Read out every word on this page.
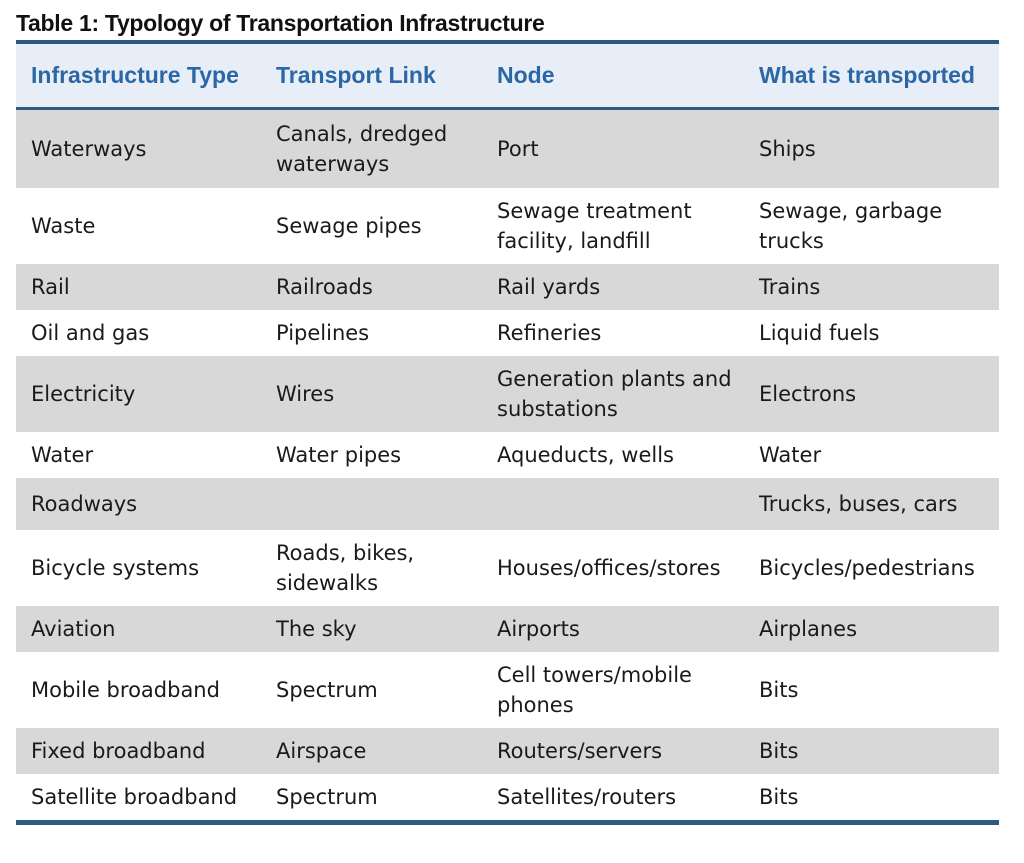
Table 1: Typology of Transportation Infrastructure
Infrastructure Type	Transport Link	Node	What is transported

Waterways	Canals, dredged waterways	Port	Ships
Waste	Sewage pipes	Sewage treatment facility, landfill	Sewage, garbage trucks
Rail	Railroads	Rail yards	Trains
Oil and gas	Pipelines	Refineries	Liquid fuels
Electricity	Wires	Generation plants and substations	Electrons
Water	Water pipes	Aqueducts, wells	Water
Roadways			Trucks, buses, cars
Bicycle systems	Roads, bikes, sidewalks	Houses/offices/stores	Bicycles/pedestrians
Aviation	The sky	Airports	Airplanes
Mobile broadband	Spectrum	Cell towers/mobile phones	Bits
Fixed broadband	Airspace	Routers/servers	Bits
Satellite broadband	Spectrum	Satellites/routers	Bits
